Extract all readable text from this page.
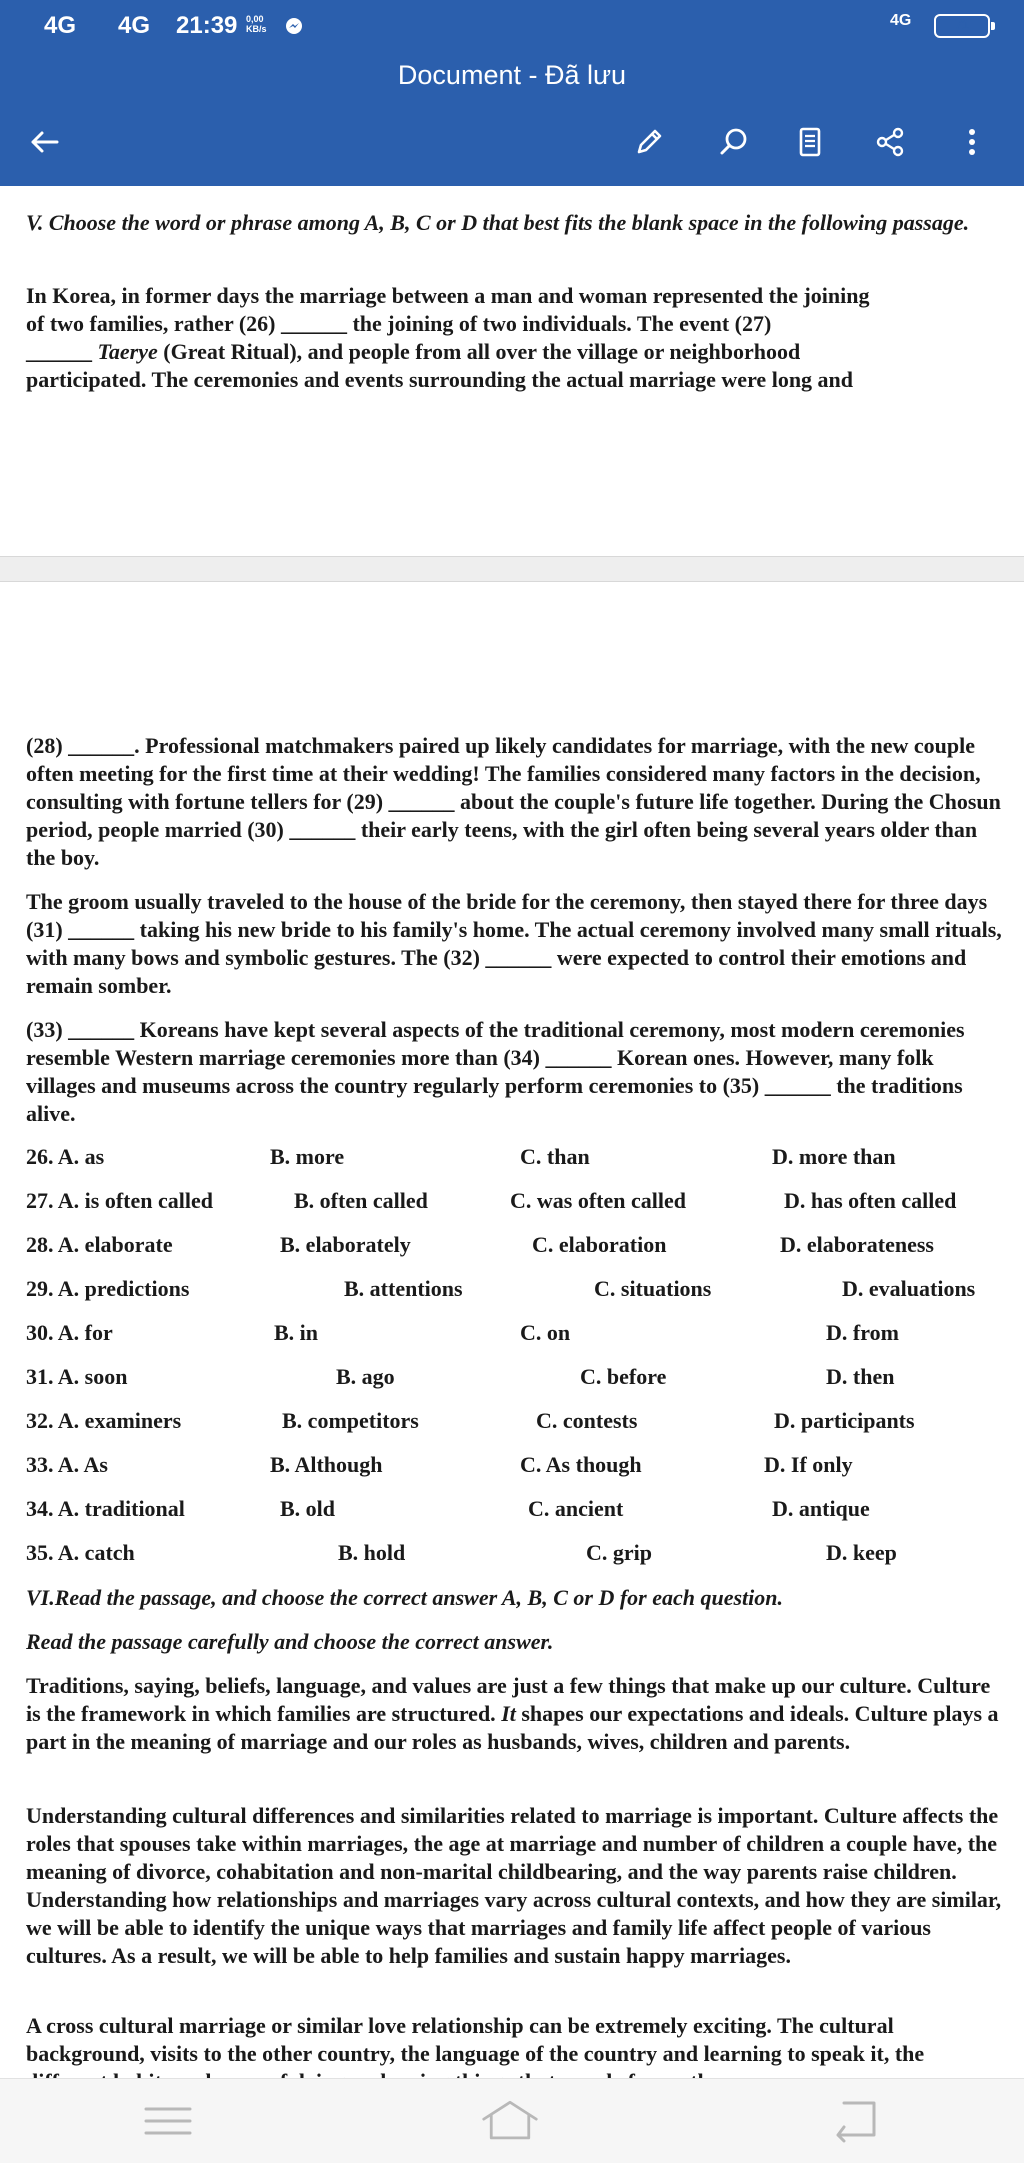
4G 4G 21:39 0,00 KB/s	4G	71
Document - Đã lưu

V. Choose the word or phrase among A, B, C or D that best fits the blank space in the following passage.

In Korea, in former days the marriage between a man and woman represented the joining
of two families, rather (26) ______ the joining of two individuals. The event (27)
______ Taerye (Great Ritual), and people from all over the village or neighborhood
participated. The ceremonies and events surrounding the actual marriage were long and

(28) ______. Professional matchmakers paired up likely candidates for marriage, with the new couple often meeting for the first time at their wedding! The families considered many factors in the decision, consulting with fortune tellers for (29) ______ about the couple's future life together. During the Chosun period, people married (30) ______ their early teens, with the girl often being several years older than the boy.

The groom usually traveled to the house of the bride for the ceremony, then stayed there for three days (31) ______ taking his new bride to his family's home. The actual ceremony involved many small rituals, with many bows and symbolic gestures. The (32) ______ were expected to control their emotions and remain somber.

(33) ______ Koreans have kept several aspects of the traditional ceremony, most modern ceremonies resemble Western marriage ceremonies more than (34) ______ Korean ones. However, many folk villages and museums across the country regularly perform ceremonies to (35) ______ the traditions alive.

26. A. as	B. more	C. than	D. more than
27. A. is often called	B. often called	C. was often called	D. has often called
28. A. elaborate	B. elaborately	C. elaboration	D. elaborateness
29. A. predictions	B. attentions	C. situations	D. evaluations
30. A. for	B. in	C. on	D. from
31. A. soon	B. ago	C. before	D. then
32. A. examiners	B. competitors	C. contests	D. participants
33. A. As	B. Although	C. As though	D. If only
34. A. traditional	B. old	C. ancient	D. antique
35. A. catch	B. hold	C. grip	D. keep

VI.Read the passage, and choose the correct answer A, B, C or D for each question.

Read the passage carefully and choose the correct answer.

Traditions, saying, beliefs, language, and values are just a few things that make up our culture. Culture is the framework in which families are structured. It shapes our expectations and ideals. Culture plays a part in the meaning of marriage and our roles as husbands, wives, children and parents.

Understanding cultural differences and similarities related to marriage is important. Culture affects the roles that spouses take within marriages, the age at marriage and number of children a couple have, the meaning of divorce, cohabitation and non-marital childbearing, and the way parents raise children. Understanding how relationships and marriages vary across cultural contexts, and how they are similar, we will be able to identify the unique ways that marriages and family life affect people of various cultures. As a result, we will be able to help families and sustain happy marriages.

A cross cultural marriage or similar love relationship can be extremely exciting. The cultural background, visits to the other country, the language of the country and learning to speak it, the
